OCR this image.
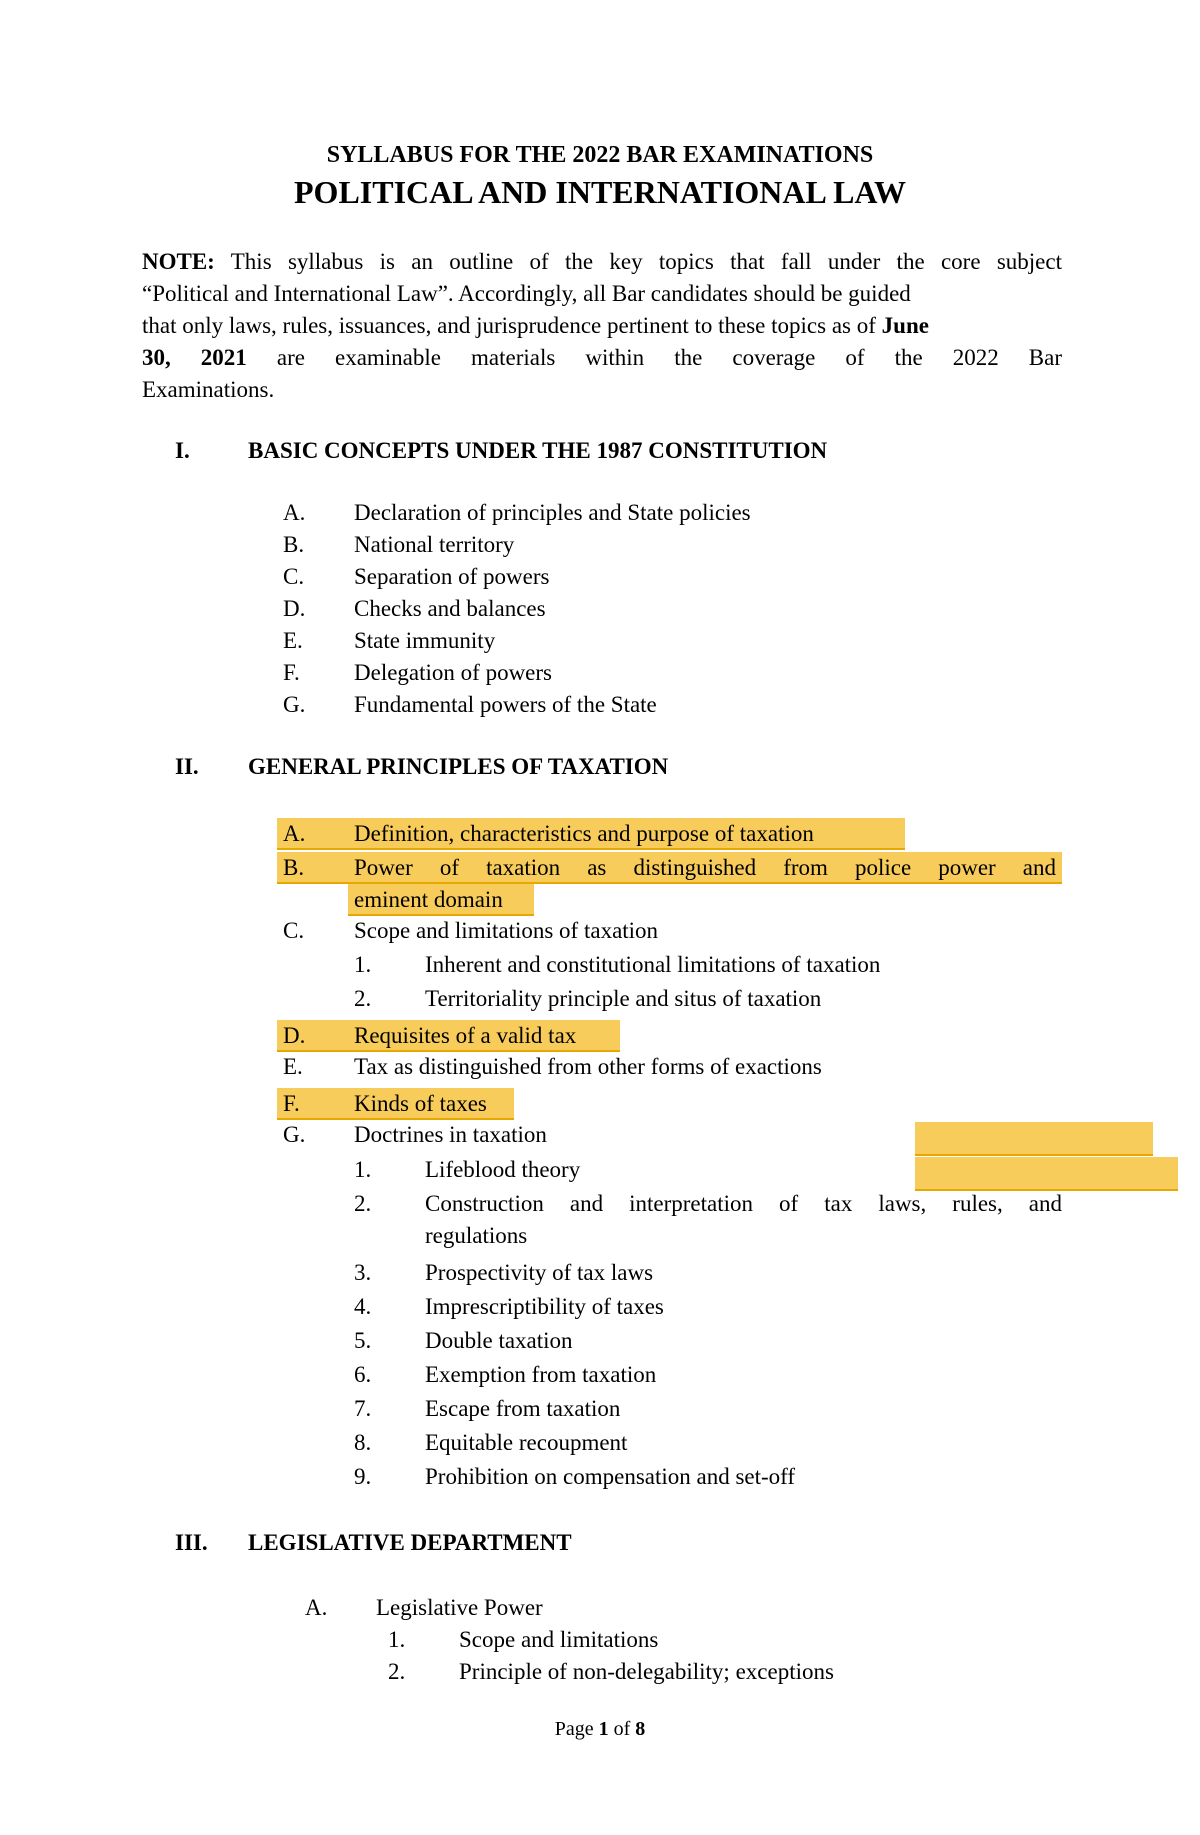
SYLLABUS FOR THE 2022 BAR EXAMINATIONS
POLITICAL AND INTERNATIONAL LAW
NOTE: This syllabus is an outline of the key topics that fall under the core subject
“Political and International Law”. Accordingly, all Bar candidates should be guided
that only laws, rules, issuances, and jurisprudence pertinent to these topics as of June
30, 2021 are examinable materials within the coverage of the 2022 Bar
Examinations.
I.	BASIC CONCEPTS UNDER THE 1987 CONSTITUTION
A. Declaration of principles and State policies
B. National territory
C. Separation of powers
D. Checks and balances
E. State immunity
F. Delegation of powers
G. Fundamental powers of the State
II. GENERAL PRINCIPLES OF TAXATION
A. Definition, characteristics and purpose of taxation
B. Power of taxation as distinguished from police power and
eminent domain
C. Scope and limitations of taxation
1. Inherent and constitutional limitations of taxation
2. Territoriality principle and situs of taxation
D. Requisites of a valid tax
E. Tax as distinguished from other forms of exactions
F. Kinds of taxes
G. Doctrines in taxation
1. Lifeblood theory
2. Construction and interpretation of tax laws, rules, and
regulations
3. Prospectivity of tax laws
4. Imprescriptibility of taxes
5. Double taxation
6. Exemption from taxation
7. Escape from taxation
8. Equitable recoupment
9. Prohibition on compensation and set-off
III. LEGISLATIVE DEPARTMENT
A. Legislative Power
1. Scope and limitations
2. Principle of non-delegability; exceptions
Page 1 of 8
